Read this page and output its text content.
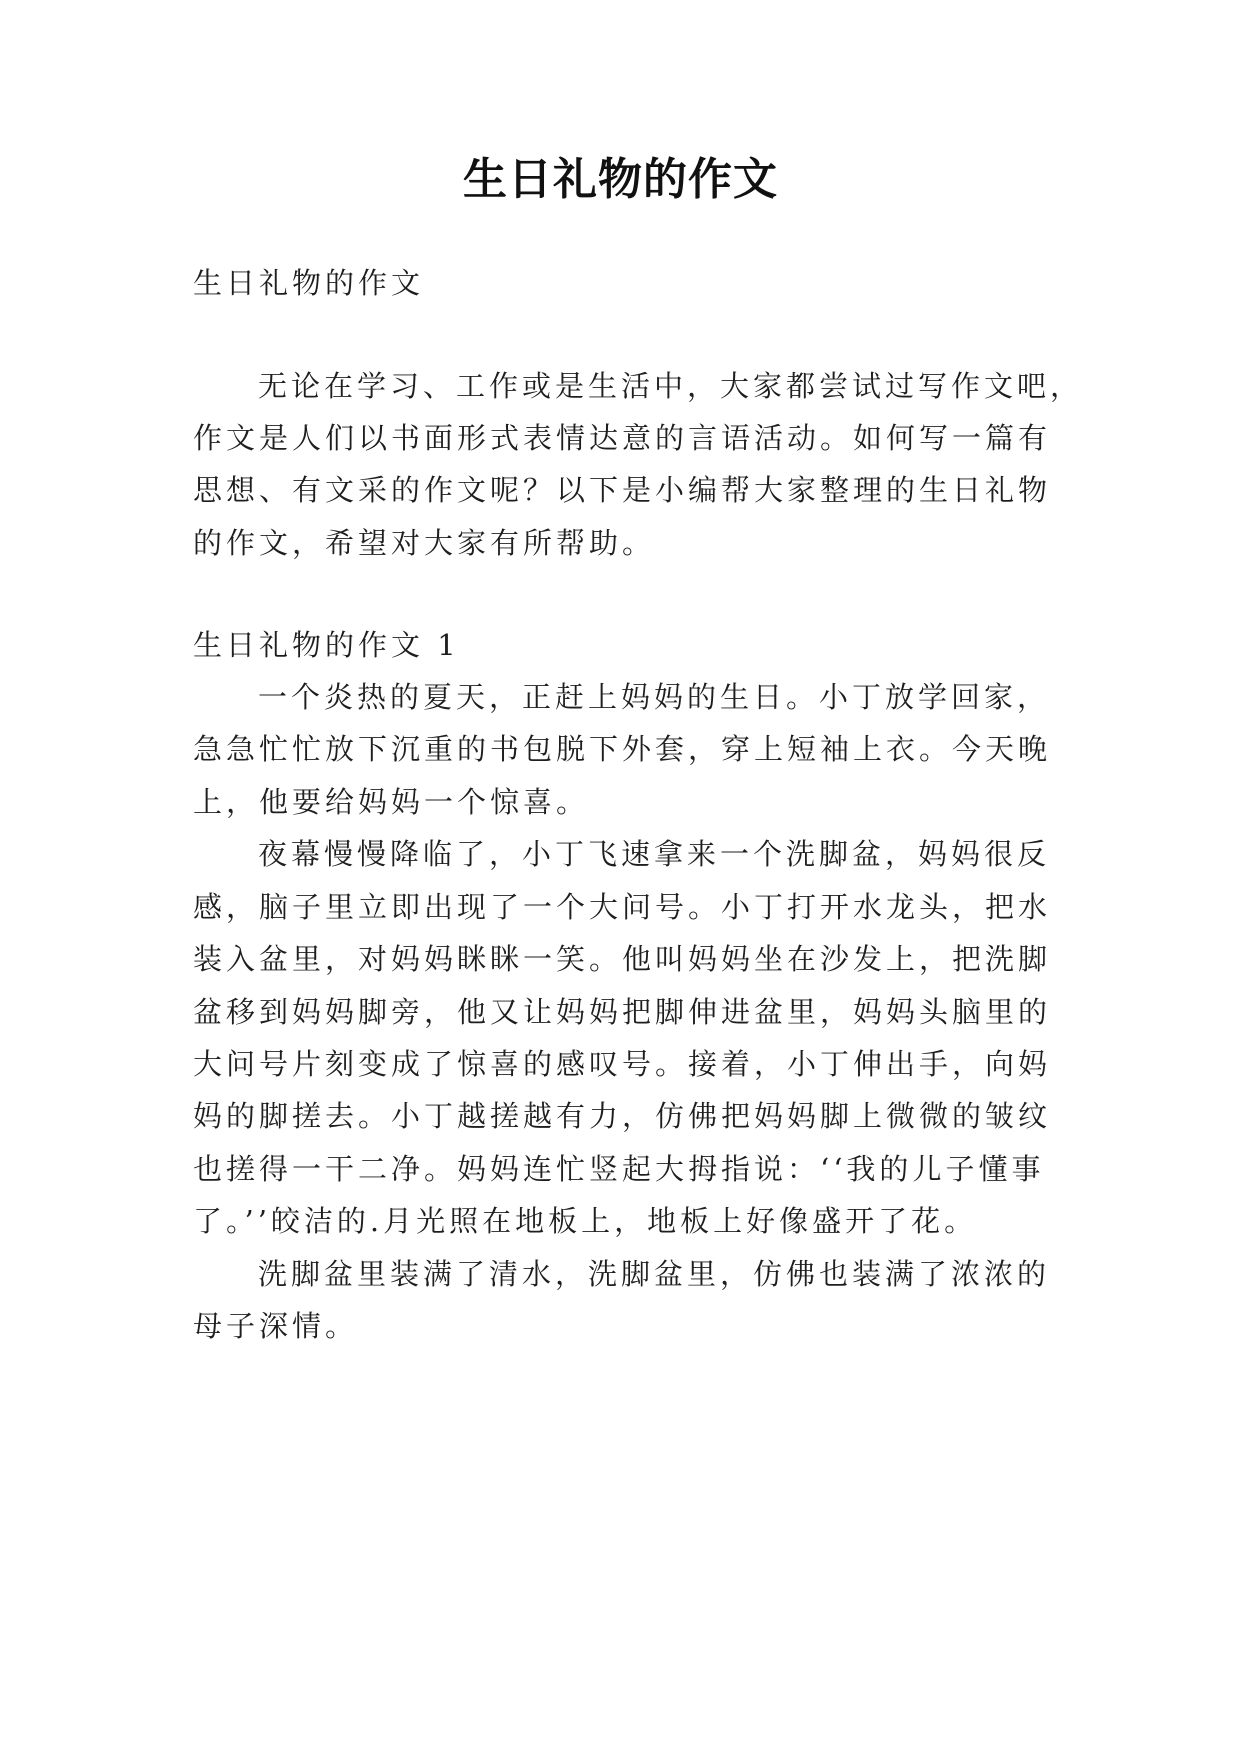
生日礼物的作文
生日礼物的作文
无论在学习、工作或是生活中，大家都尝试过写作文吧，
作文是人们以书面形式表情达意的言语活动。如何写一篇有
思想、有文采的作文呢？以下是小编帮大家整理的生日礼物
的作文，希望对大家有所帮助。
生日礼物的作文 1
一个炎热的夏天，正赶上妈妈的生日。小丁放学回家，
急急忙忙放下沉重的书包脱下外套，穿上短袖上衣。今天晚
上，他要给妈妈一个惊喜。
夜幕慢慢降临了，小丁飞速拿来一个洗脚盆，妈妈很反
感，脑子里立即出现了一个大问号。小丁打开水龙头，把水
装入盆里，对妈妈眯眯一笑。他叫妈妈坐在沙发上，把洗脚
盆移到妈妈脚旁，他又让妈妈把脚伸进盆里，妈妈头脑里的
大问号片刻变成了惊喜的感叹号。接着，小丁伸出手，向妈
妈的脚搓去。小丁越搓越有力，仿佛把妈妈脚上微微的皱纹
也搓得一干二净。妈妈连忙竖起大拇指说：‘‘我的儿子懂事
了。’’皎洁的.月光照在地板上，地板上好像盛开了花。
洗脚盆里装满了清水，洗脚盆里，仿佛也装满了浓浓的
母子深情。
